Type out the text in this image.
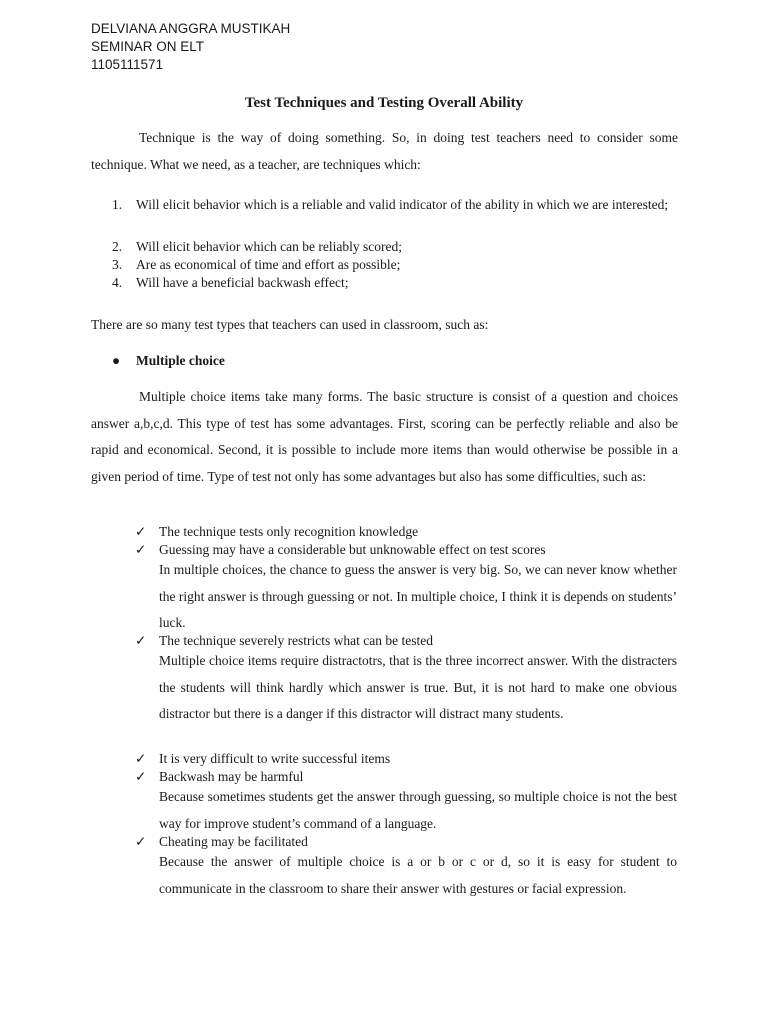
DELVIANA ANGGRA MUSTIKAH
SEMINAR ON ELT
1105111571
Test Techniques and Testing Overall Ability
Technique is the way of doing something. So, in doing test teachers need to consider some technique. What we need, as a teacher, are techniques which:
1. Will elicit behavior which is a reliable and valid indicator of the ability in which we are interested;
2. Will elicit behavior which can be reliably scored;
3. Are as economical of time and effort as possible;
4. Will have a beneficial backwash effect;
There are so many test types that teachers can used in classroom, such as:
● Multiple choice
Multiple choice items take many forms. The basic structure is consist of a question and choices answer a,b,c,d. This type of test has some advantages. First, scoring can be perfectly reliable and also be rapid and economical. Second, it is possible to include more items than would otherwise be possible in a given period of time. Type of test not only has some advantages but also has some difficulties, such as:
✓ The technique tests only recognition knowledge
✓ Guessing may have a considerable but unknowable effect on test scores
In multiple choices, the chance to guess the answer is very big. So, we can never know whether the right answer is through guessing or not. In multiple choice, I think it is depends on students’ luck.
✓ The technique severely restricts what can be tested
Multiple choice items require distractotrs, that is the three incorrect answer. With the distracters the students will think hardly which answer is true. But, it is not hard to make one obvious distractor but there is a danger if this distractor will distract many students.
✓ It is very difficult to write successful items
✓ Backwash may be harmful
Because sometimes students get the answer through guessing, so multiple choice is not the best way for improve student’s command of a language.
✓ Cheating may be facilitated
Because the answer of multiple choice is a or b or c or d, so it is easy for student to communicate in the classroom to share their answer with gestures or facial expression.
